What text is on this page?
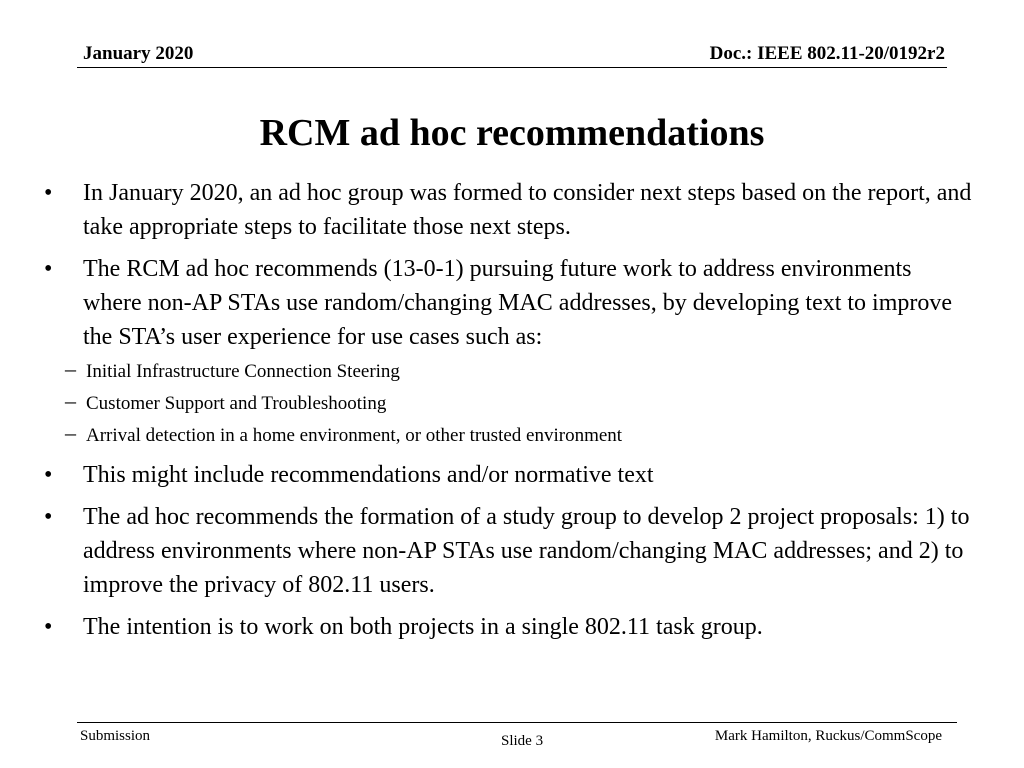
January 2020	Doc.: IEEE 802.11-20/0192r2
RCM ad hoc recommendations
• In January 2020, an ad hoc group was formed to consider next steps based on the report, and take appropriate steps to facilitate those next steps.
• The RCM ad hoc recommends (13-0-1) pursuing future work to address environments where non-AP STAs use random/changing MAC addresses, by developing text to improve the STA’s user experience for use cases such as:
– Initial Infrastructure Connection Steering
– Customer Support and Troubleshooting
– Arrival detection in a home environment, or other trusted environment
• This might include recommendations and/or normative text
• The ad hoc recommends the formation of a study group to develop 2 project proposals: 1) to address environments where non-AP STAs use random/changing MAC addresses; and 2) to improve the privacy of 802.11 users.
• The intention is to work on both projects in a single 802.11 task group.
Submission	Slide 3	Mark Hamilton, Ruckus/CommScope
